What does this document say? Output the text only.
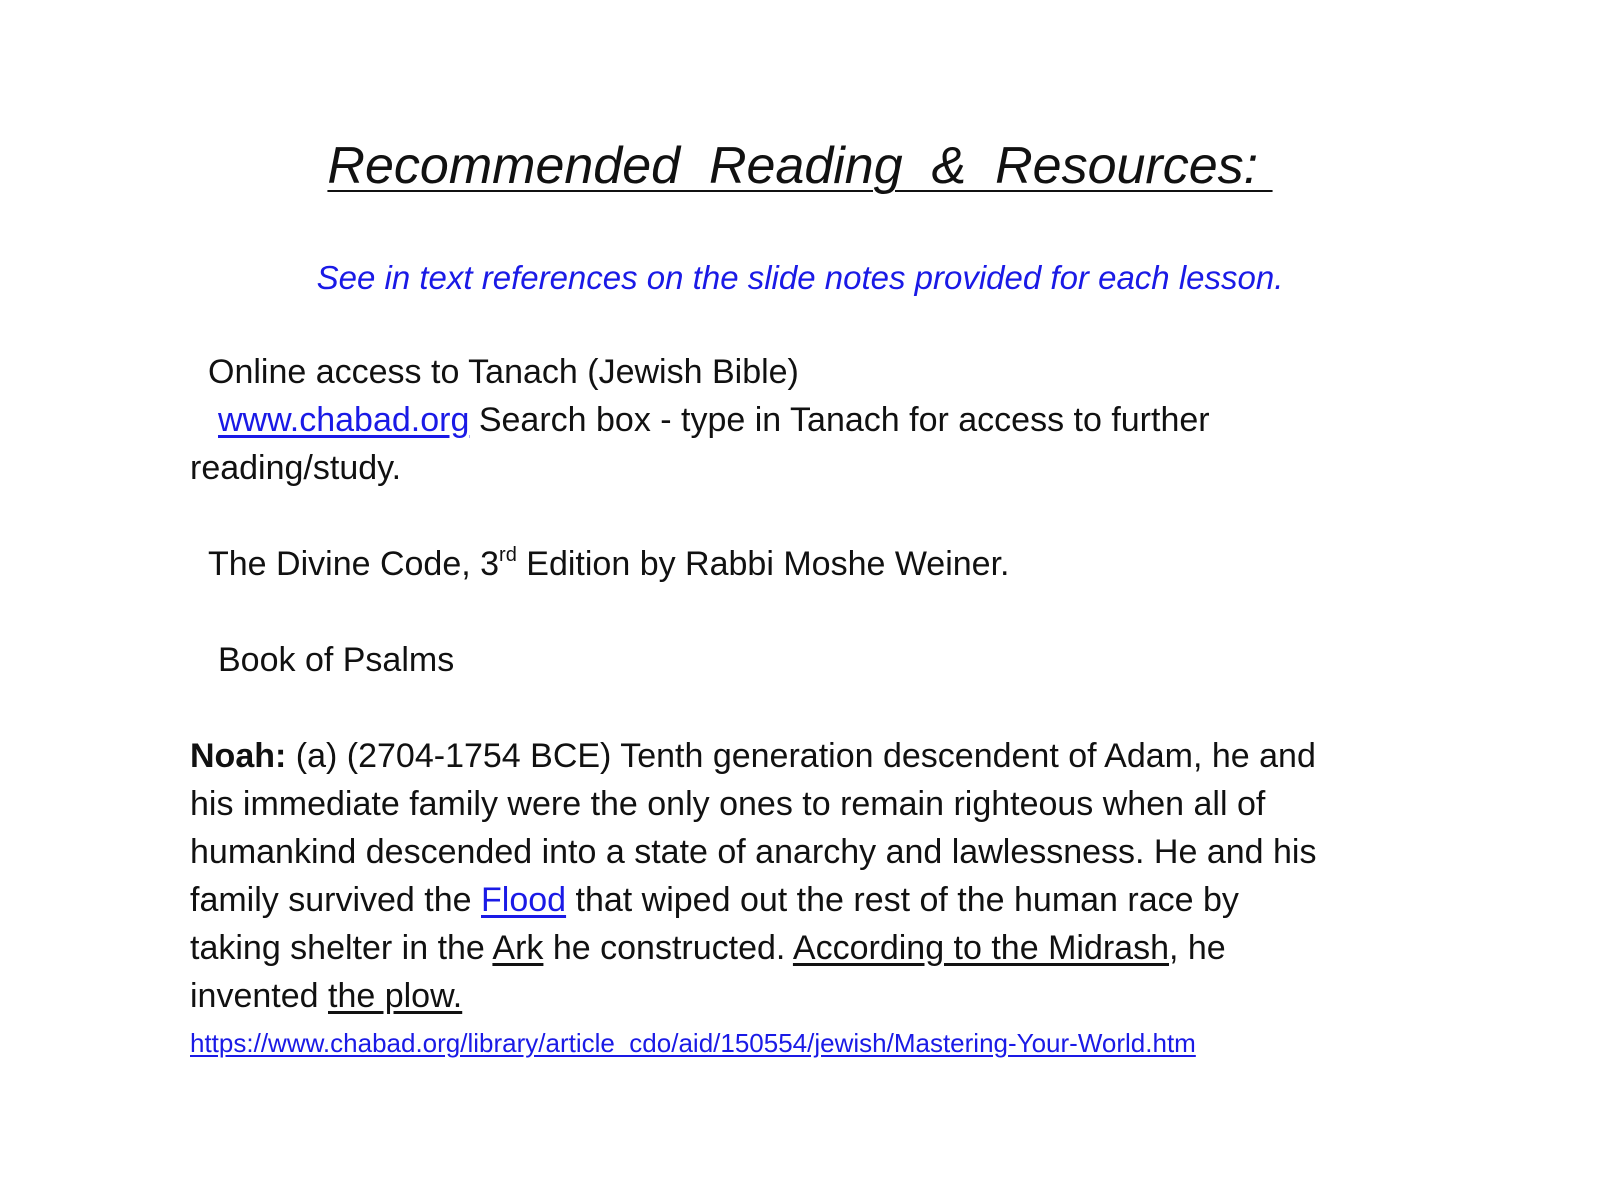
Recommended  Reading  &  Resources:
See in text references on the slide notes provided for each lesson.
Online access to Tanach (Jewish Bible)
www.chabad.org Search box - type in Tanach for access to further
reading/study.
The Divine Code, 3rd Edition by Rabbi Moshe Weiner.
Book of Psalms
Noah: (a) (2704-1754 BCE) Tenth generation descendent of Adam, he and
his immediate family were the only ones to remain righteous when all of
humankind descended into a state of anarchy and lawlessness. He and his
family survived the Flood that wiped out the rest of the human race by
taking shelter in the Ark he constructed. According to the Midrash, he
invented the plow.
https://www.chabad.org/library/article_cdo/aid/150554/jewish/Mastering-Your-World.htm
